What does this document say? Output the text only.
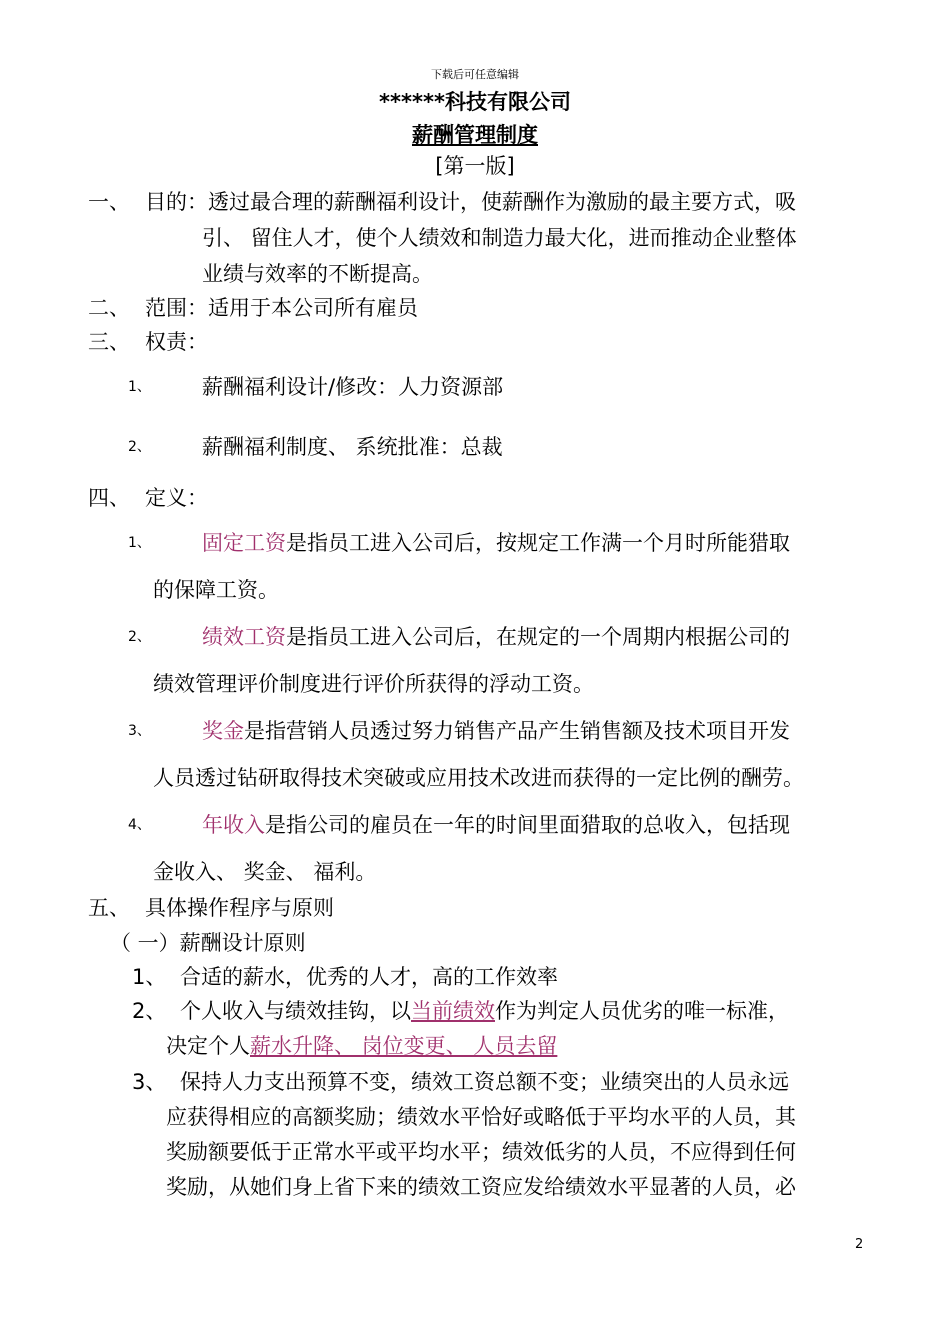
下载后可任意编辑
******科技有限公司
薪酬管理制度
[第一版]
一、 目的：透过最合理的薪酬福利设计，使薪酬作为激励的最主要方式，吸
引、 留住人才，使个人绩效和制造力最大化，进而推动企业整体
业绩与效率的不断提高。
二、 范围：适用于本公司所有雇员
三、 权责：
1、 薪酬福利设计/修改：人力资源部
2、 薪酬福利制度、 系统批准：总裁
四、 定义：
1、 固定工资是指员工进入公司后，按规定工作满一个月时所能猎取
的保障工资。
2、 绩效工资是指员工进入公司后，在规定的一个周期内根据公司的
绩效管理评价制度进行评价所获得的浮动工资。
3、 奖金是指营销人员透过努力销售产品产生销售额及技术项目开发
人员透过钻研取得技术突破或应用技术改进而获得的一定比例的酬劳。
4、 年收入是指公司的雇员在一年的时间里面猎取的总收入，包括现
金收入、 奖金、 福利。
五、 具体操作程序与原则
（ 一）薪酬设计原则
1、 合适的薪水，优秀的人才，高的工作效率
2、 个人收入与绩效挂钩，以当前绩效作为判定人员优劣的唯一标准，
决定个人薪水升降、 岗位变更、 人员去留
3、 保持人力支出预算不变，绩效工资总额不变；业绩突出的人员永远
应获得相应的高额奖励；绩效水平恰好或略低于平均水平的人员，其
奖励额要低于正常水平或平均水平；绩效低劣的人员，不应得到任何
奖励，从她们身上省下来的绩效工资应发给绩效水平显著的人员，必
2
